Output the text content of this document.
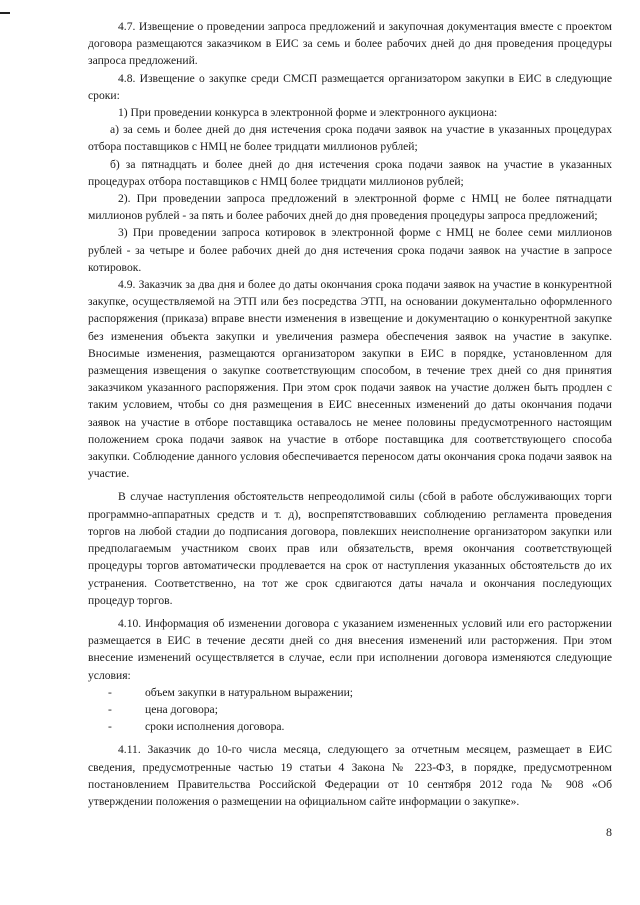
4.7. Извещение о проведении запроса предложений и закупочная документация вместе с проектом договора размещаются заказчиком в ЕИС за семь и более рабочих дней до дня проведения процедуры запроса предложений.

4.8. Извещение о закупке среди СМСП размещается организатором закупки в ЕИС в следующие сроки:

1) При проведении конкурса в электронной форме и электронного аукциона:

а) за семь и более дней до дня истечения срока подачи заявок на участие в указанных процедурах отбора поставщиков с НМЦ не более тридцати миллионов рублей;

б) за пятнадцать и более дней до дня истечения срока подачи заявок на участие в указанных процедурах отбора поставщиков с НМЦ более тридцати миллионов рублей;

2). При проведении запроса предложений в электронной форме с НМЦ не более пятнадцати миллионов рублей - за пять и более рабочих дней до дня проведения процедуры запроса предложений;

3) При проведении запроса котировок в электронной форме с НМЦ не более семи миллионов рублей - за четыре и более рабочих дней до дня истечения срока подачи заявок на участие в запросе котировок.

4.9. Заказчик за два дня и более до даты окончания срока подачи заявок на участие в конкурентной закупке, осуществляемой на ЭТП или без посредства ЭТП, на основании документально оформленного распоряжения (приказа) вправе внести изменения в извещение и документацию о конкурентной закупке без изменения объекта закупки и увеличения размера обеспечения заявок на участие в закупке. Вносимые изменения, размещаются организатором закупки в ЕИС в порядке, установленном для размещения извещения о закупке соответствующим способом, в течение трех дней со дня принятия заказчиком указанного распоряжения. При этом срок подачи заявок на участие должен быть продлен с таким условием, чтобы со дня размещения в ЕИС внесенных изменений до даты окончания подачи заявок на участие в отборе поставщика оставалось не менее половины предусмотренного настоящим положением срока подачи заявок на участие в отборе поставщика для соответствующего способа закупки. Соблюдение данного условия обеспечивается переносом даты окончания срока подачи заявок на участие.

В случае наступления обстоятельств непреодолимой силы (сбой в работе обслуживающих торги программно-аппаратных средств и т. д), воспрепятствовавших соблюдению регламента проведения торгов на любой стадии до подписания договора, повлекших неисполнение организатором закупки или предполагаемым участником своих прав или обязательств, время окончания соответствующей процедуры торгов автоматически продлевается на срок от наступления указанных обстоятельств до их устранения. Соответственно, на тот же срок сдвигаются даты начала и окончания последующих процедур торгов.

4.10. Информация об изменении договора с указанием измененных условий или его расторжении размещается в ЕИС в течение десяти дней со дня внесения изменений или расторжения. При этом внесение изменений осуществляется в случае, если при исполнении договора изменяются следующие условия:

-	объем закупки в натуральном выражении;
-	цена договора;
-	сроки исполнения договора.

4.11. Заказчик до 10-го числа месяца, следующего за отчетным месяцем, размещает в ЕИС сведения, предусмотренные частью 19 статьи 4 Закона № 223-ФЗ, в порядке, предусмотренном постановлением Правительства Российской Федерации от 10 сентября 2012 года № 908 «Об утверждении положения о размещении на официальном сайте информации о закупке».

8
